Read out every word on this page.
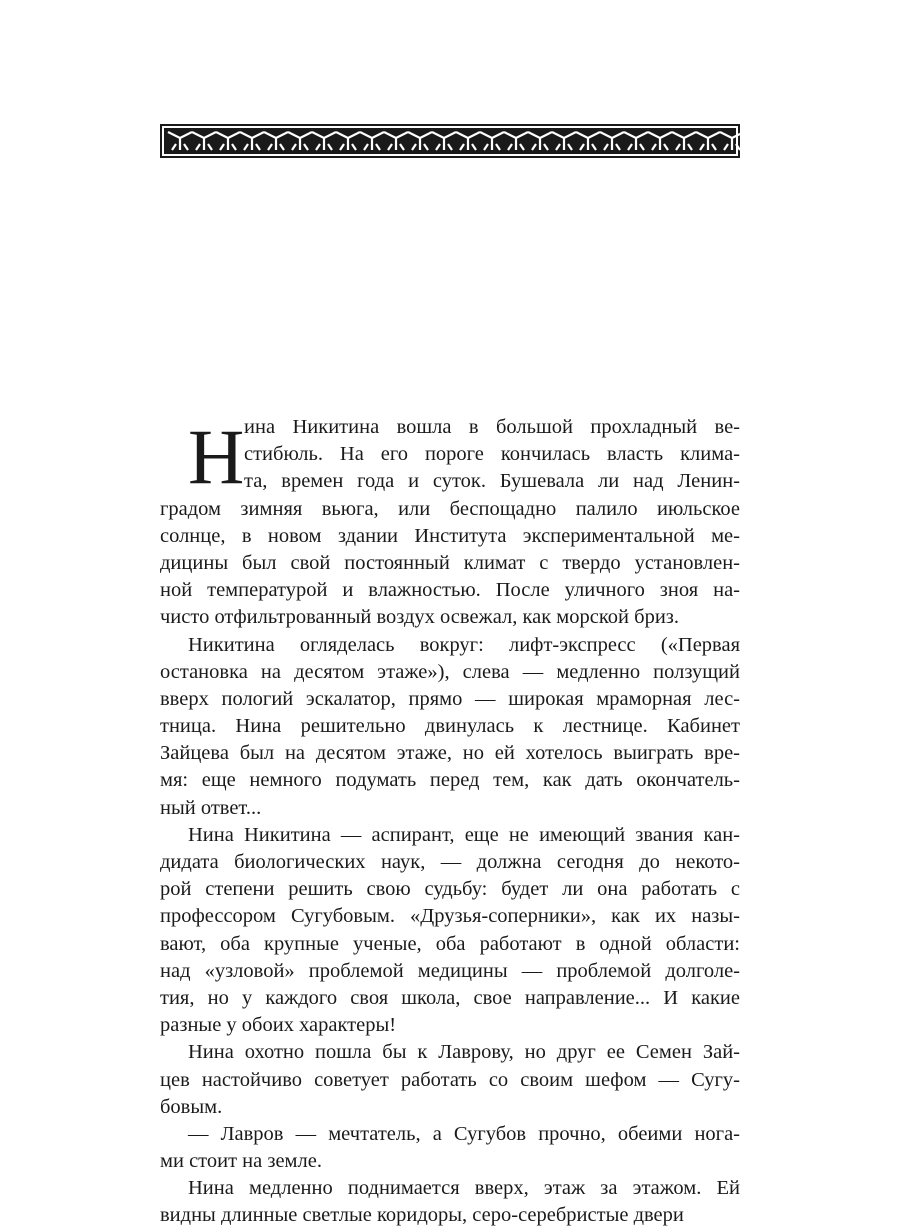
Н ина Никитина вошла в большой прохладный ве-
стибюль. На его пороге кончилась власть клима-
та, времен года и суток. Бушевала ли над Ленин-
градом зимняя вьюга, или беспощадно палило июльское
солнце, в новом здании Института экспериментальной ме-
дицины был свой постоянный климат с твердо установлен-
ной температурой и влажностью. После уличного зноя на-
чисто отфильтрованный воздух освежал, как морской бриз.
Никитина огляделась вокруг: лифт-экспресс («Первая
остановка на десятом этаже»), слева — медленно ползущий
вверх пологий эскалатор, прямо — широкая мраморная лес-
тница. Нина решительно двинулась к лестнице. Кабинет
Зайцева был на десятом этаже, но ей хотелось выиграть вре-
мя: еще немного подумать перед тем, как дать окончатель-
ный ответ...
Нина Никитина — аспирант, еще не имеющий звания кан-
дидата биологических наук, — должна сегодня до некото-
рой степени решить свою судьбу: будет ли она работать с
профессором Сугубовым. «Друзья-соперники», как их назы-
вают, оба крупные ученые, оба работают в одной области:
над «узловой» проблемой медицины — проблемой долголе-
тия, но у каждого своя школа, свое направление... И какие
разные у обоих характеры!
Нина охотно пошла бы к Лаврову, но друг ее Семен Зай-
цев настойчиво советует работать со своим шефом — Сугу-
бовым.
— Лавров — мечтатель, а Сугубов прочно, обеими нога-
ми стоит на земле.
Нина медленно поднимается вверх, этаж за этажом. Ей
видны длинные светлые коридоры, серо-серебристые двери
